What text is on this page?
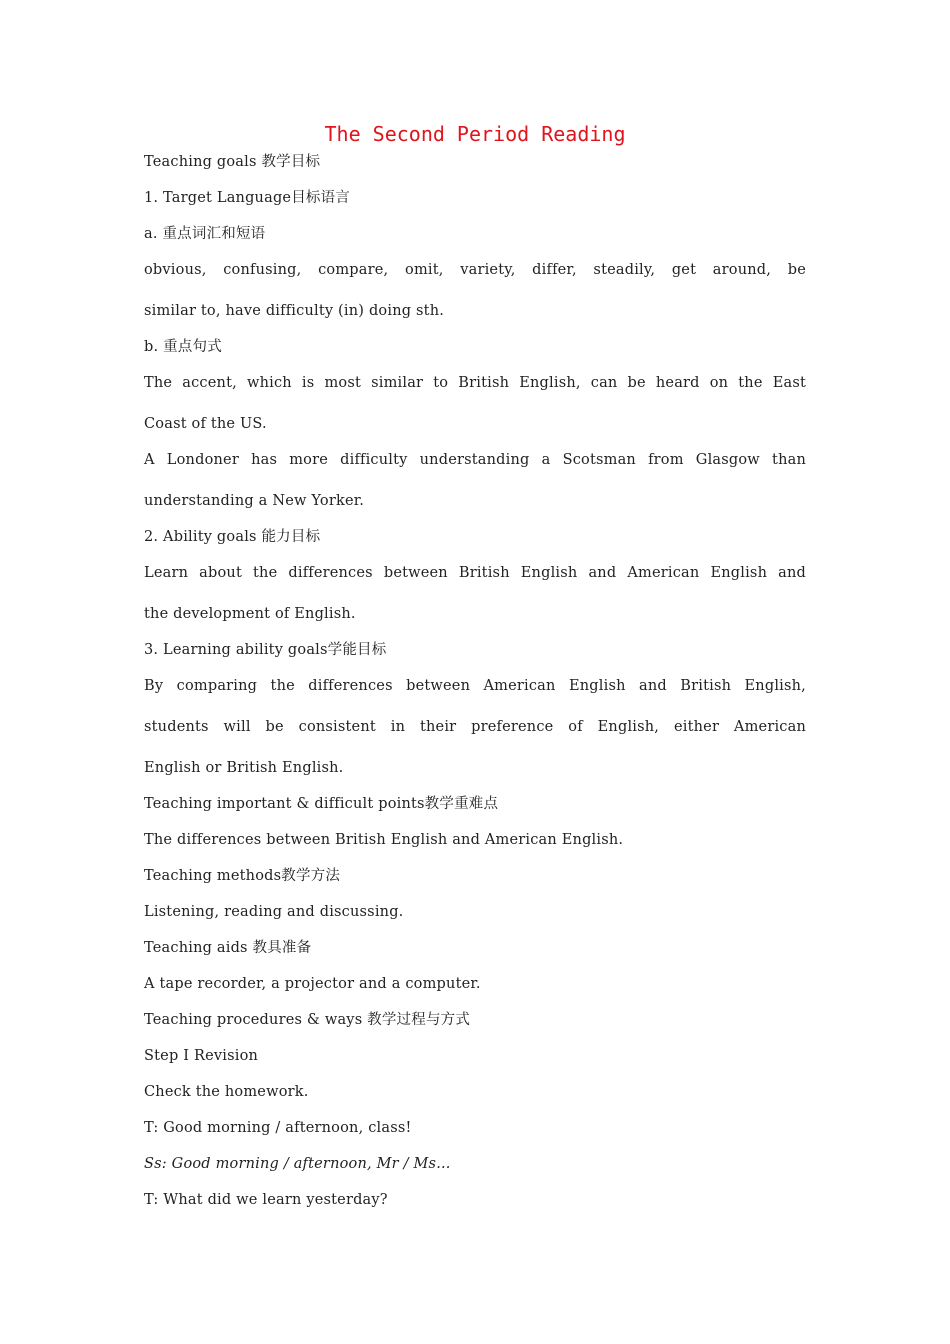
The Second Period Reading
Teaching goals 教学目标
1. Target Language目标语言
a. 重点词汇和短语
obvious, confusing, compare, omit, variety, differ, steadily, get around, be
similar to, have difficulty (in) doing sth.
b. 重点句式
The accent, which is most similar to British English, can be heard on the East
Coast of the US.
A Londoner has more difficulty understanding a Scotsman from Glasgow than
understanding a New Yorker.
2. Ability goals 能力目标
Learn about the differences between British English and American English and
the development of English.
3. Learning ability goals学能目标
By comparing the differences between American English and British English,
students will be consistent in their preference of English, either American
English or British English.
Teaching important & difficult points教学重难点
The differences between British English and American English.
Teaching methods教学方法
Listening, reading and discussing.
Teaching aids 教具准备
A tape recorder, a projector and a computer.
Teaching procedures & ways 教学过程与方式
Step I Revision
Check the homework.
T: Good morning / afternoon, class!
Ss: Good morning / afternoon, Mr / Ms...
T: What did we learn yesterday?
